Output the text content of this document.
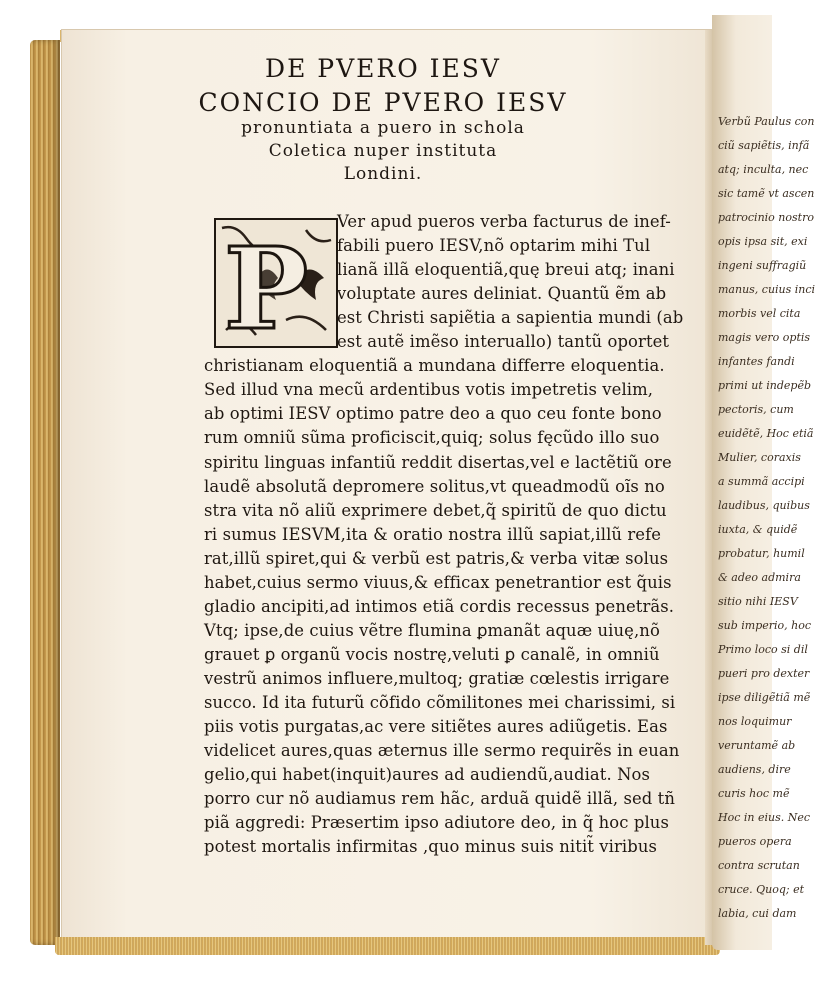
Verbũ Paulus con
ciũ sapiẽtis, infã
atq; inculta, nec
sic tamẽ vt ascen
patrocinio nostro
opis ipsa sit, exi
ingeni suffragiũ
manus, cuius inci
morbis vel cita
magis vero optis
infantes fandi
primi ut indepẽb
pectoris, cum
euidẽtẽ, Hoc etiã
Mulier, coraxis
a summã accipi
laudibus, quibus
iuxta, & quidẽ
probatur, humil
& adeo admira
sitio nihi IESV
sub imperio, hoc
Primo loco si dil
pueri pro dexter
ipse diligẽtiã mẽ
nos loquimur
veruntamẽ ab
audiens, dire
curis hoc mẽ
Hoc in eius. Nec
pueros opera
contra scrutan
cruce. Quoq; et
labia, cui dam
DE PVERO IESV
CONCIO DE PVERO IESV
pronuntiata a puero in schola
Coletica nuper instituta
Londini.
P
Ver apud pueros verba facturus de inef-
fabili puero IESV,nõ optarim mihi Tul
lianã illã eloquentiã,quę breui atq; inani
voluptate aures deliniat. Quantũ ẽm ab
est Christi sapiẽtia a sapientia mundi (ab
est autẽ imẽso interuallo) tantũ oportet
christianam eloquentiã a mundana differre eloquentia.
Sed illud vna mecũ ardentibus votis impetretis velim,
ab optimi IESV optimo patre deo a quo ceu fonte bono
rum omniũ sũma proficiscit,quiq; solus fęcũdo illo suo
spiritu linguas infantiũ reddit disertas,vel e lactẽtiũ ore
laudẽ absolutã depromere solitus,vt queadmodũ oĩs no
stra vita nõ aliũ exprimere debet,q̃ spiritũ de quo dictu
ri sumus IESVM,ita & oratio nostra illũ sapiat,illũ refe
rat,illũ spiret,qui & verbũ est patris,& verba vitæ solus
habet,cuius sermo viuus,& efficax penetrantior est q̃uis
gladio ancipiti,ad intimos etiã cordis recessus penetrãs.
Vtq; ipse,de cuius vẽtre flumina ꝑmanãt aquæ uiuę,nõ
grauet ꝑ organũ vocis nostrę,veluti ꝑ canalẽ, in omniũ
vestrũ animos influere,multoq; gratiæ cœlestis irrigare
succo. Id ita futurũ cõfido cõmilitones mei charissimi, si
piis votis purgatas,ac vere sitiẽtes aures adiũgetis. Eas
videlicet aures,quas æternus ille sermo requirẽs in euan
gelio,qui habet(inquit)aures ad audiendũ,audiat. Nos
porro cur nõ audiamus rem hãc, arduã quidẽ illã, sed tñ
piã aggredi: Præsertim ipso adiutore deo, in q̃ hoc plus
potest mortalis infirmitas ,quo minus suis nitit̃ viribus
